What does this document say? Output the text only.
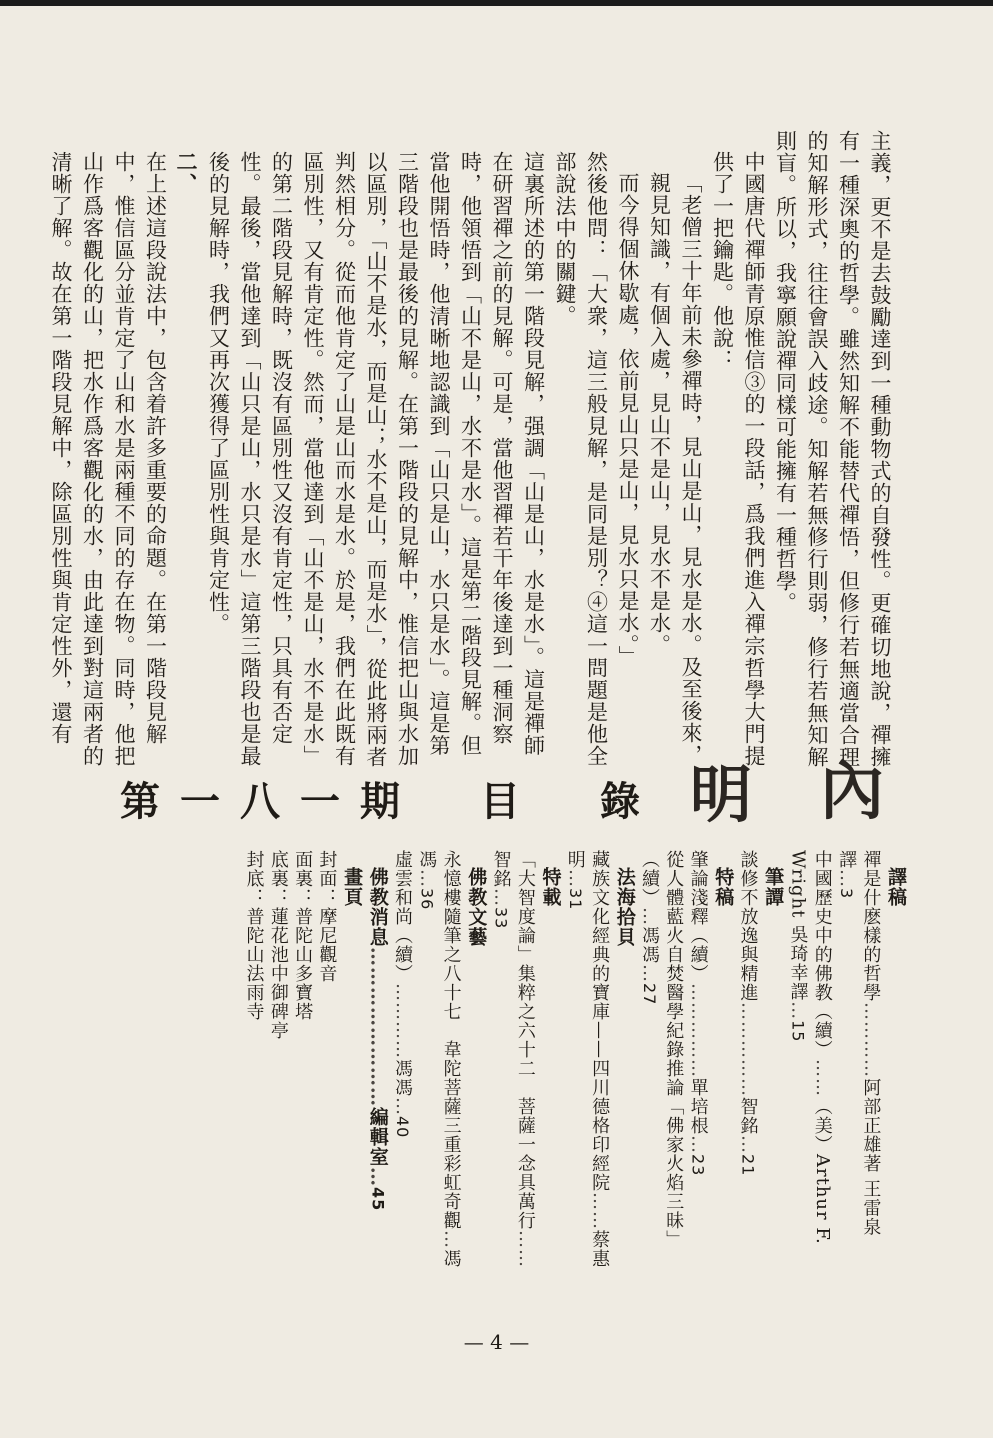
主義，更不是去鼓勵達到一種動物式的自發性。更確切地說，禪擁有一種深奧的哲學。雖然知解不能替代禪悟，但修行若無適當合理的知解形式，往往會誤入歧途。知解若無修行則弱，修行若無知解則盲。所以，我寧願說禪同樣可能擁有一種哲學。

中國唐代禪師青原惟信③的一段話，爲我們進入禪宗哲學大門提供了一把鑰匙。他說：

「老僧三十年前未參禪時，見山是山，見水是水。及至後來，親見知識，有個入處，見山不是山，見水不是水。

而今得個休歇處，依前見山只是山，見水只是水。」

然後他問：「大衆，這三般見解，是同是別？④這一問題是他全部說法中的關鍵。

這裏所述的第一階段見解，强調「山是山，水是水」。這是禪師在研習禪之前的見解。可是，當他習禪若干年後達到一種洞察時，他領悟到「山不是山，水不是水」。這是第二階段見解。但當他開悟時，他清晰地認識到「山只是山，水只是水」。這是第三階段也是最後的見解。在第一階段的見解中，惟信把山與水加以區別，「山不是水，而是山；水不是山，而是水」，從此將兩者判然相分。從而他肯定了山是山而水是水。於是，我們在此既有區別性，又有肯定性。然而，當他達到「山不是山，水不是水」的第二階段見解時，既沒有區別性又沒有肯定性，只具有否定性。最後，當他達到「山只是山，水只是水」這第三階段也是最後的見解時，我們又再次獲得了區別性與肯定性。

二、

在上述這段說法中，包含着許多重要的命題。在第一階段見解中，惟信區分並肯定了山和水是兩種不同的存在物。同時，他把山作爲客觀化的山，把水作爲客觀化的水，由此達到對這兩者的清晰了解。故在第一階段見解中，除區別性與肯定性外，還有

內
明
第一八一期　目　錄
譯稿
禪是什麽樣的哲學…………阿部正雄著 王雷泉譯…3
中國歷史中的佛教（續）……（美）Arthur F. Wright 吳琦幸譯…15
筆譚
談修不放逸與精進……………智銘…21
特稿
肇論淺釋（續）……………單培根…23
從人體藍火自焚醫學紀錄推論「佛家火焰三昧」（續）…馮馮…27
法海拾貝
藏族文化經典的寶庫——四川德格印經院……蔡惠明…31
特載
「大智度論」集粹之六十二　菩薩一念具萬行……智銘…33
佛教文藝
永憶樓隨筆之八十七　韋陀菩薩三重彩虹奇觀…馮馮…36
虛雲和尚（續）…………馮馮…40
佛教消息……………………編輯室…45
畫頁
封面：摩尼觀音
面裏：普陀山多寶塔
底裏：蓮花池中御碑亭
封底：普陀山法雨寺
— 4 —
